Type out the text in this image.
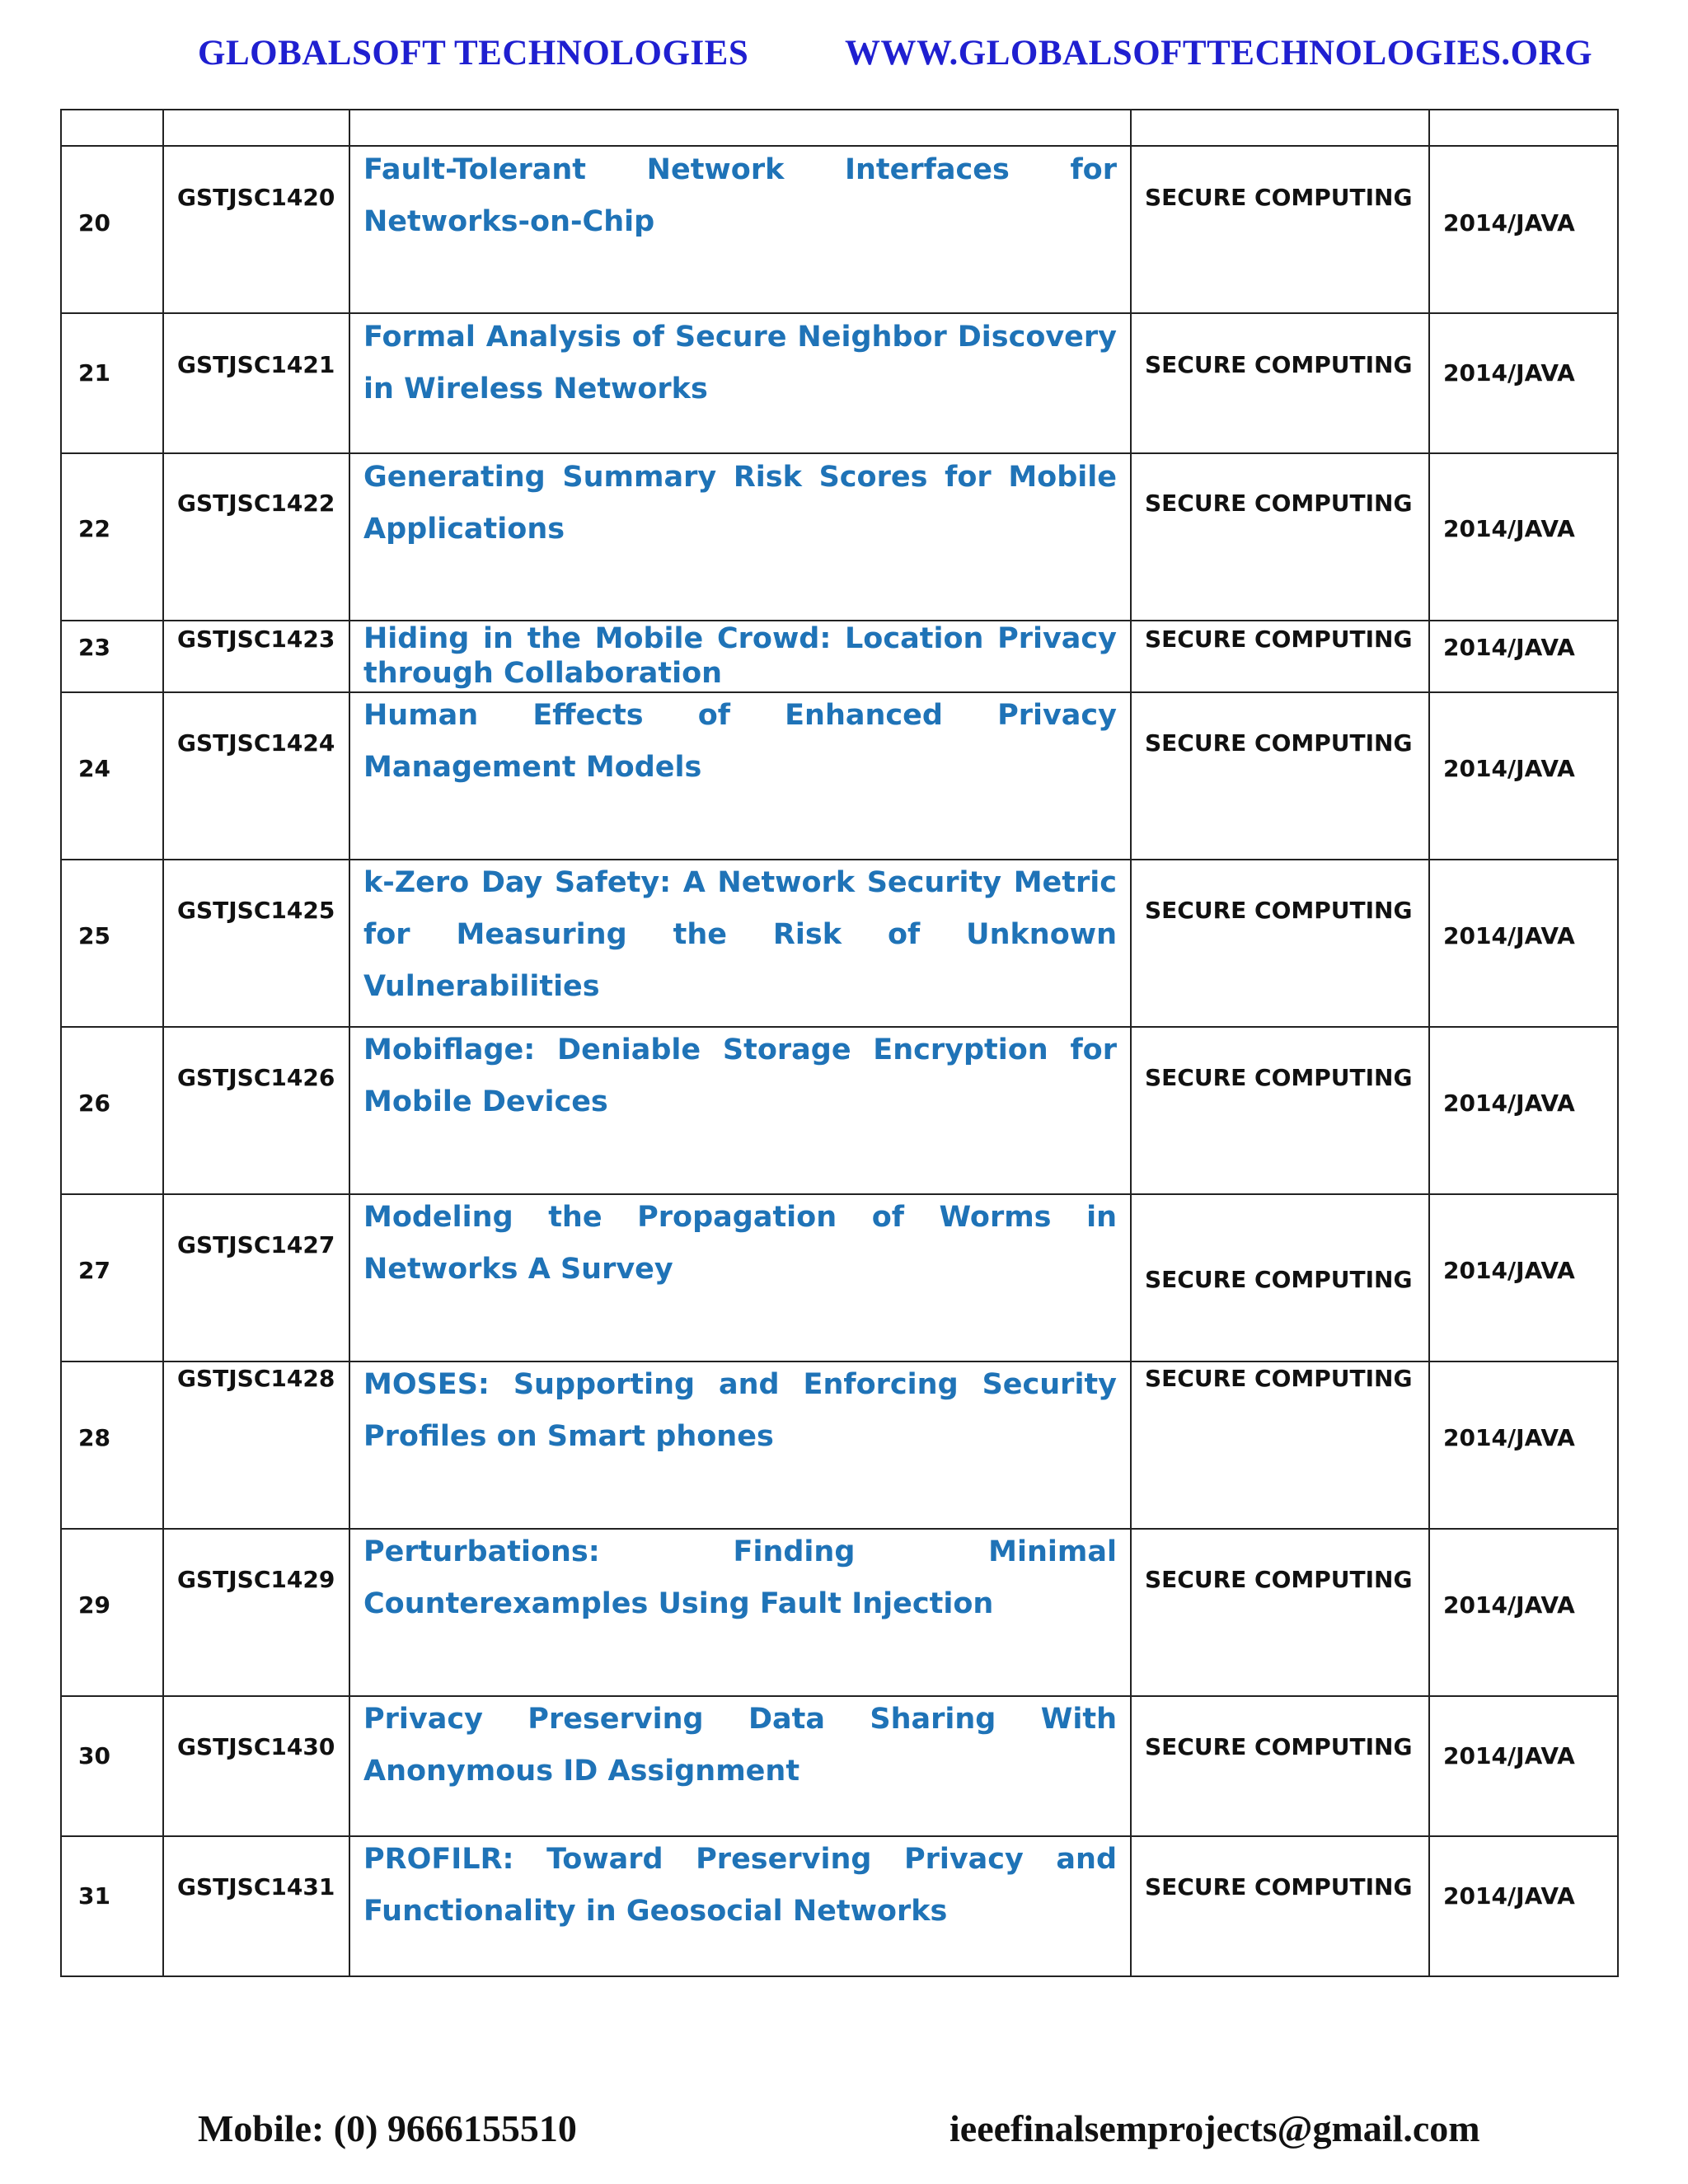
GLOBALSOFT TECHNOLOGIES	WWW.GLOBALSOFTTECHNOLOGIES.ORG

20	GSTJSC1420	Fault-Tolerant Network Interfaces for Networks-on-Chip	SECURE COMPUTING	2014/JAVA

21	GSTJSC1421	Formal Analysis of Secure Neighbor Discovery in Wireless Networks	SECURE COMPUTING	2014/JAVA

22	GSTJSC1422	Generating Summary Risk Scores for Mobile Applications	SECURE COMPUTING	2014/JAVA

23	GSTJSC1423	Hiding in the Mobile Crowd: Location Privacy through Collaboration	SECURE COMPUTING	2014/JAVA

24	GSTJSC1424	Human Effects of Enhanced Privacy Management Models	SECURE COMPUTING	2014/JAVA

25	GSTJSC1425	k-Zero Day Safety: A Network Security Metric for Measuring the Risk of Unknown Vulnerabilities	SECURE COMPUTING	2014/JAVA

26	GSTJSC1426	Mobiflage: Deniable Storage Encryption for Mobile Devices	SECURE COMPUTING	2014/JAVA

27	GSTJSC1427	Modeling the Propagation of Worms in Networks A Survey	SECURE COMPUTING	2014/JAVA

28	GSTJSC1428	MOSES: Supporting and Enforcing Security Profiles on Smart phones	SECURE COMPUTING	2014/JAVA

29	GSTJSC1429	Perturbations: Finding Minimal Counterexamples Using Fault Injection	SECURE COMPUTING	2014/JAVA

30	GSTJSC1430	Privacy Preserving Data Sharing With Anonymous ID Assignment	SECURE COMPUTING	2014/JAVA

31	GSTJSC1431	PROFILR: Toward Preserving Privacy and Functionality in Geosocial Networks	SECURE COMPUTING	2014/JAVA
Mobile: (0) 9666155510	ieeefinalsemprojects@gmail.com
